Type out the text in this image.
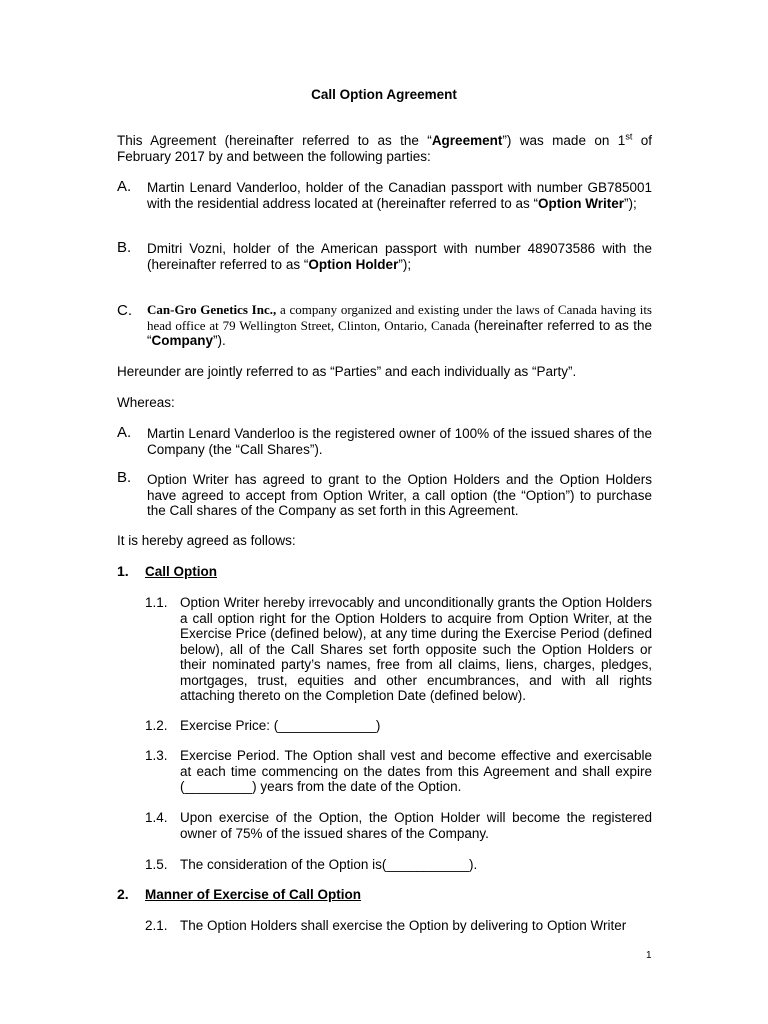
Call Option Agreement
This Agreement (hereinafter referred to as the “Agreement”) was made on 1st of February 2017 by and between the following parties:
A. Martin Lenard Vanderloo, holder of the Canadian passport with number GB785001 with the residential address located at (hereinafter referred to as “Option Writer”);
B. Dmitri Vozni, holder of the American passport with number 489073586 with the (hereinafter referred to as “Option Holder”);
C. Can-Gro Genetics Inc., a company organized and existing under the laws of Canada having its head office at 79 Wellington Street, Clinton, Ontario, Canada (hereinafter referred to as the “Company”).
Hereunder are jointly referred to as “Parties” and each individually as “Party”.
Whereas:
A. Martin Lenard Vanderloo is the registered owner of 100% of the issued shares of the Company (the “Call Shares”).
B. Option Writer has agreed to grant to the Option Holders and the Option Holders have agreed to accept from Option Writer, a call option (the “Option”) to purchase the Call shares of the Company as set forth in this Agreement.
It is hereby agreed as follows:
1. Call Option
1.1. Option Writer hereby irrevocably and unconditionally grants the Option Holders a call option right for the Option Holders to acquire from Option Writer, at the Exercise Price (defined below), at any time during the Exercise Period (defined below), all of the Call Shares set forth opposite such the Option Holders or their nominated party’s names, free from all claims, liens, charges, pledges, mortgages, trust, equities and other encumbrances, and with all rights attaching thereto on the Completion Date (defined below).
1.2. Exercise Price: (_____________)
1.3. Exercise Period. The Option shall vest and become effective and exercisable at each time commencing on the dates from this Agreement and shall expire (_________) years from the date of the Option.
1.4. Upon exercise of the Option, the Option Holder will become the registered owner of 75% of the issued shares of the Company.
1.5. The consideration of the Option is(___________).
2. Manner of Exercise of Call Option
2.1. The Option Holders shall exercise the Option by delivering to Option Writer
1
